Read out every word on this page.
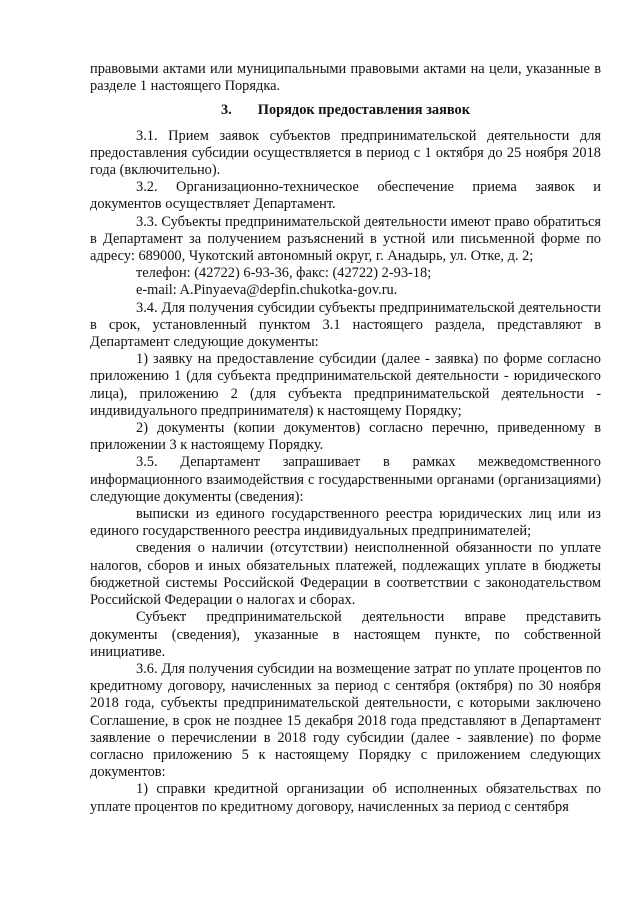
правовыми актами или муниципальными правовыми актами на цели, указанные в разделе 1 настоящего Порядка.

3. Порядок предоставления заявок

3.1. Прием заявок субъектов предпринимательской деятельности для предоставления субсидии осуществляется в период с 1 октября до 25 ноября 2018 года (включительно).

3.2. Организационно-техническое обеспечение приема заявок и документов осуществляет Департамент.

3.3. Субъекты предпринимательской деятельности имеют право обратиться в Департамент за получением разъяснений в устной или письменной форме по адресу: 689000, Чукотский автономный округ, г. Анадырь, ул. Отке, д. 2;

телефон: (42722) 6-93-36, факс: (42722) 2-93-18;

e-mail: A.Pinyaeva@depfin.chukotka-gov.ru.

3.4. Для получения субсидии субъекты предпринимательской деятельности в срок, установленный пунктом 3.1 настоящего раздела, представляют в Департамент следующие документы:

1) заявку на предоставление субсидии (далее - заявка) по форме согласно приложению 1 (для субъекта предпринимательской деятельности - юридического лица), приложению 2 (для субъекта предпринимательской деятельности - индивидуального предпринимателя) к настоящему Порядку;

2) документы (копии документов) согласно перечню, приведенному в приложении 3 к настоящему Порядку.

3.5. Департамент запрашивает в рамках межведомственного информационного взаимодействия с государственными органами (организациями) следующие документы (сведения):

выписки из единого государственного реестра юридических лиц или из единого государственного реестра индивидуальных предпринимателей;

сведения о наличии (отсутствии) неисполненной обязанности по уплате налогов, сборов и иных обязательных платежей, подлежащих уплате в бюджеты бюджетной системы Российской Федерации в соответствии с законодательством Российской Федерации о налогах и сборах.

Субъект предпринимательской деятельности вправе представить документы (сведения), указанные в настоящем пункте, по собственной инициативе.

3.6. Для получения субсидии на возмещение затрат по уплате процентов по кредитному договору, начисленных за период с сентября (октября) по 30 ноября 2018 года, субъекты предпринимательской деятельности, с которыми заключено Соглашение, в срок не позднее 15 декабря 2018 года представляют в Департамент заявление о перечислении в 2018 году субсидии (далее - заявление) по форме согласно приложению 5 к настоящему Порядку с приложением следующих документов:

1) справки кредитной организации об исполненных обязательствах по уплате процентов по кредитному договору, начисленных за период с сентября
